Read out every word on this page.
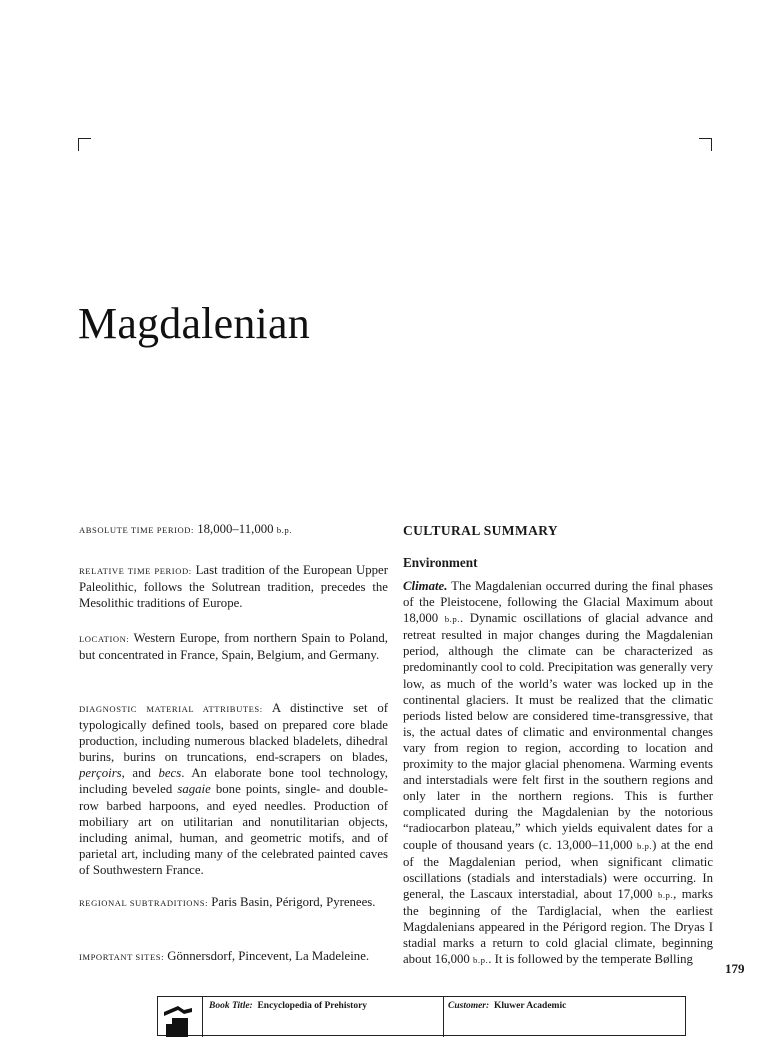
Magdalenian

ABSOLUTE TIME PERIOD: 18,000–11,000 b.p.

RELATIVE TIME PERIOD: Last tradition of the European Upper Paleolithic, follows the Solutrean tradition, precedes the Mesolithic traditions of Europe.

LOCATION: Western Europe, from northern Spain to Poland, but concentrated in France, Spain, Belgium, and Germany.

DIAGNOSTIC MATERIAL ATTRIBUTES: A distinctive set of typologically defined tools, based on prepared core blade production, including numerous blacked bladelets, dihedral burins, burins on truncations, end-scrapers on blades, perçoirs, and becs. An elaborate bone tool technology, including beveled sagaie bone points, single- and double-row barbed harpoons, and eyed needles. Production of mobiliary art on utilitarian and nonutilitarian objects, including animal, human, and geometric motifs, and of parietal art, including many of the celebrated painted caves of Southwestern France.

REGIONAL SUBTRADITIONS: Paris Basin, Périgord, Pyrenees.

IMPORTANT SITES: Gönnersdorf, Pincevent, La Madeleine.

CULTURAL SUMMARY
Environment

Climate. The Magdalenian occurred during the final phases of the Pleistocene, following the Glacial Maximum about 18,000 b.p.. Dynamic oscillations of glacial advance and retreat resulted in major changes during the Magdalenian period, although the climate can be characterized as predominantly cool to cold. Precipitation was generally very low, as much of the world’s water was locked up in the continental glaciers. It must be realized that the climatic periods listed below are considered time-transgressive, that is, the actual dates of climatic and environmental changes vary from region to region, according to location and proximity to the major glacial phenomena. Warming events and interstadials were felt first in the southern regions and only later in the northern regions. This is further complicated during the Magdalenian by the notorious “radiocarbon plateau,” which yields equivalent dates for a couple of thousand years (c. 13,000–11,000 b.p.) at the end of the Magdalenian period, when significant climatic oscillations (stadials and interstadials) were occurring. In general, the Lascaux interstadial, about 17,000 b.p., marks the beginning of the Tardiglacial, when the earliest Magdalenians appeared in the Périgord region. The Dryas I stadial marks a return to cold glacial climate, beginning about 16,000 b.p.. It is followed by the temperate Bølling

179

Book Title: Encyclopedia of Prehistory	Customer: Kluwer Academic
